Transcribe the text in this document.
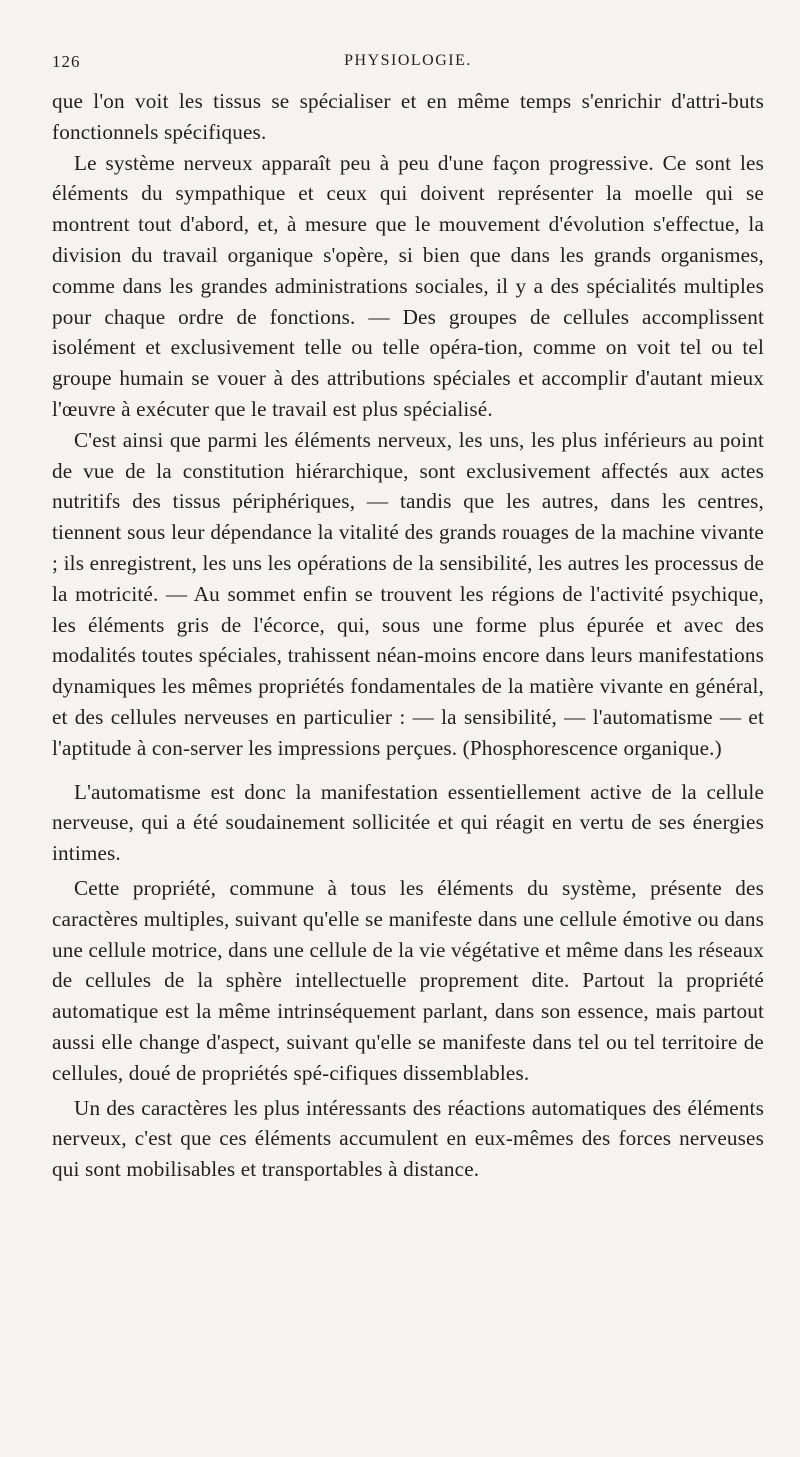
126	PHYSIOLOGIE.

que l'on voit les tissus se spécialiser et en même temps s'enrichir d'attri-buts fonctionnels spécifiques.

Le système nerveux apparaît peu à peu d'une façon progressive. Ce sont les éléments du sympathique et ceux qui doivent représenter la moelle qui se montrent tout d'abord, et, à mesure que le mouvement d'évolution s'effectue, la division du travail organique s'opère, si bien que dans les grands organismes, comme dans les grandes administrations sociales, il y a des spécialités multiples pour chaque ordre de fonctions. — Des groupes de cellules accomplissent isolément et exclusivement telle ou telle opéra-tion, comme on voit tel ou tel groupe humain se vouer à des attributions spéciales et accomplir d'autant mieux l'œuvre à exécuter que le travail est plus spécialisé.

C'est ainsi que parmi les éléments nerveux, les uns, les plus inférieurs au point de vue de la constitution hiérarchique, sont exclusivement affectés aux actes nutritifs des tissus périphériques, — tandis que les autres, dans les centres, tiennent sous leur dépendance la vitalité des grands rouages de la machine vivante ; ils enregistrent, les uns les opérations de la sensibilité, les autres les processus de la motricité. — Au sommet enfin se trouvent les régions de l'activité psychique, les éléments gris de l'écorce, qui, sous une forme plus épurée et avec des modalités toutes spéciales, trahissent néan-moins encore dans leurs manifestations dynamiques les mêmes propriétés fondamentales de la matière vivante en général, et des cellules nerveuses en particulier : — la sensibilité, — l'automatisme — et l'aptitude à con-server les impressions perçues. (Phosphorescence organique.)

L'automatisme est donc la manifestation essentiellement active de la cellule nerveuse, qui a été soudainement sollicitée et qui réagit en vertu de ses énergies intimes.

Cette propriété, commune à tous les éléments du système, présente des caractères multiples, suivant qu'elle se manifeste dans une cellule émotive ou dans une cellule motrice, dans une cellule de la vie végétative et même dans les réseaux de cellules de la sphère intellectuelle proprement dite. Partout la propriété automatique est la même intrinséquement parlant, dans son essence, mais partout aussi elle change d'aspect, suivant qu'elle se manifeste dans tel ou tel territoire de cellules, doué de propriétés spé-cifiques dissemblables.

Un des caractères les plus intéressants des réactions automatiques des éléments nerveux, c'est que ces éléments accumulent en eux-mêmes des forces nerveuses qui sont mobilisables et transportables à distance.
